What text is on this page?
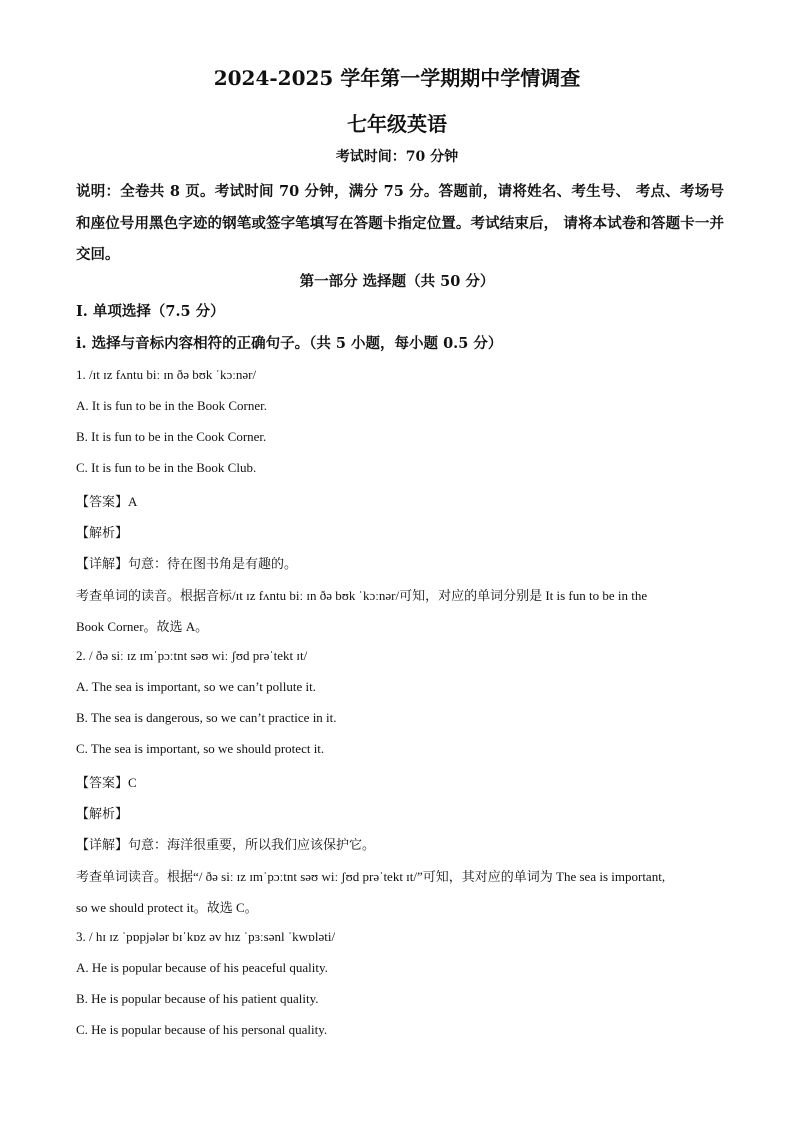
2024-2025 学年第一学期期中学情调查
七年级英语
考试时间：70 分钟
说明：全卷共 8 页。考试时间 70 分钟，满分 75 分。答题前，请将姓名、考生号、 考点、考场号和座位号用黑色字迹的钢笔或签字笔填写在答题卡指定位置。考试结束后， 请将本试卷和答题卡一并交回。
第一部分 选择题（共 50 分）
Ⅰ. 单项选择（7.5 分）
i. 选择与音标内容相符的正确句子。（共 5 小题，每小题 0.5 分）
1. /ɪt ɪz fʌntu biː ɪn ðə bʊk ˈkɔːnər/
A. It is fun to be in the Book Corner.
B. It is fun to be in the Cook Corner.
C. It is fun to be in the Book Club.
【答案】A
【解析】
【详解】句意：待在图书角是有趣的。
考查单词的读音。根据音标/ɪt ɪz fʌntu biː ɪn ðə bʊk ˈkɔːnər/可知，对应的单词分别是 It is fun to be in the
Book Corner。故选 A。
2. / ðə siː ɪz ɪmˈpɔːtnt səʊ wiː ʃʊd prəˈtekt ɪt/
A. The sea is important, so we can’t pollute it.
B. The sea is dangerous, so we can’t practice in it.
C. The sea is important, so we should protect it.
【答案】C
【解析】
【详解】句意：海洋很重要，所以我们应该保护它。
考查单词读音。根据“/ ðə siː ɪz ɪmˈpɔːtnt səʊ wiː ʃʊd prəˈtekt ɪt/”可知，其对应的单词为 The sea is important,
so we should protect it。故选 C。
3. / hɪ ɪz ˈpɒpjələr bɪˈkɒz əv hɪz ˈpɜːsənl ˈkwɒləti/
A. He is popular because of his peaceful quality.
B. He is popular because of his patient quality.
C. He is popular because of his personal quality.
